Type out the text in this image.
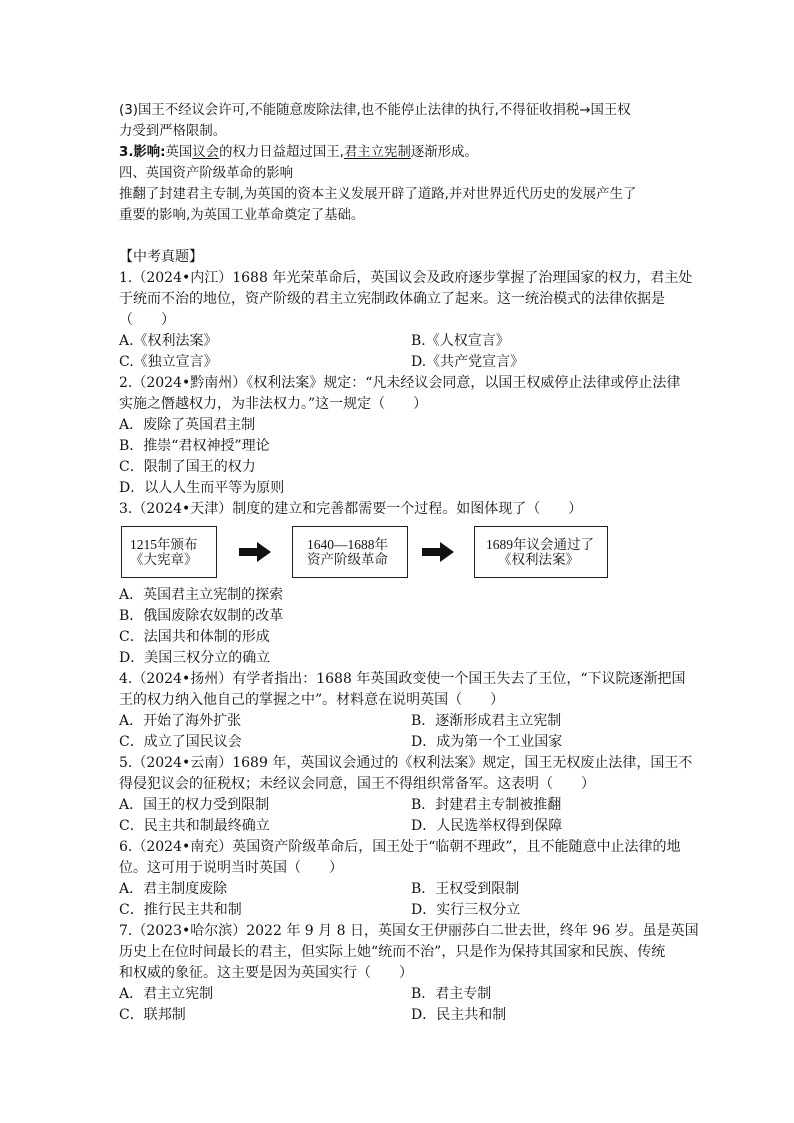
(3)国王不经议会许可,不能随意废除法律,也不能停止法律的执行,不得征收捐税→国王权
力受到严格限制。
3.影响:英国议会的权力日益超过国王,君主立宪制逐渐形成。
四、英国资产阶级革命的影响
推翻了封建君主专制,为英国的资本主义发展开辟了道路,并对世界近代历史的发展产生了
重要的影响,为英国工业革命奠定了基础。
【中考真题】
1.（2024•内江）1688 年光荣革命后，英国议会及政府逐步掌握了治理国家的权力，君主处
于统而不治的地位，资产阶级的君主立宪制政体确立了起来。这一统治模式的法律依据是
（　　）
A.《权利法案》	B.《人权宣言》
C.《独立宣言》	D.《共产党宣言》
2.（2024•黔南州）《权利法案》规定：“凡未经议会同意，以国王权威停止法律或停止法律
实施之僭越权力，为非法权力。”这一规定（　　）
A．废除了英国君主制
B．推崇“君权神授”理论
C．限制了国王的权力
D．以人人生而平等为原则
3.（2024•天津）制度的建立和完善都需要一个过程。如图体现了（　　）
1215年颁布
《大宪章》
1640—1688年
资产阶级革命
1689年议会通过了
《权利法案》
A．英国君主立宪制的探索
B．俄国废除农奴制的改革
C．法国共和体制的形成
D．美国三权分立的确立
4.（2024•扬州）有学者指出：1688 年英国政变使一个国王失去了王位，“下议院逐渐把国
王的权力纳入他自己的掌握之中”。材料意在说明英国（　　）
A．开始了海外扩张	B．逐渐形成君主立宪制
C．成立了国民议会	D．成为第一个工业国家
5.（2024•云南）1689 年，英国议会通过的《权利法案》规定，国王无权废止法律，国王不
得侵犯议会的征税权；未经议会同意，国王不得组织常备军。这表明（　　）
A．国王的权力受到限制	B．封建君主专制被推翻
C．民主共和制最终确立	D．人民选举权得到保障
6.（2024•南充）英国资产阶级革命后，国王处于“临朝不理政”，且不能随意中止法律的地
位。这可用于说明当时英国（　　）
A．君主制度废除	B．王权受到限制
C．推行民主共和制	D．实行三权分立
7.（2023•哈尔滨）2022 年 9 月 8 日，英国女王伊丽莎白二世去世，终年 96 岁。虽是英国
历史上在位时间最长的君主，但实际上她“统而不治”，只是作为保持其国家和民族、传统
和权威的象征。这主要是因为英国实行（　　）
A．君主立宪制	B．君主专制
C．联邦制	D．民主共和制
